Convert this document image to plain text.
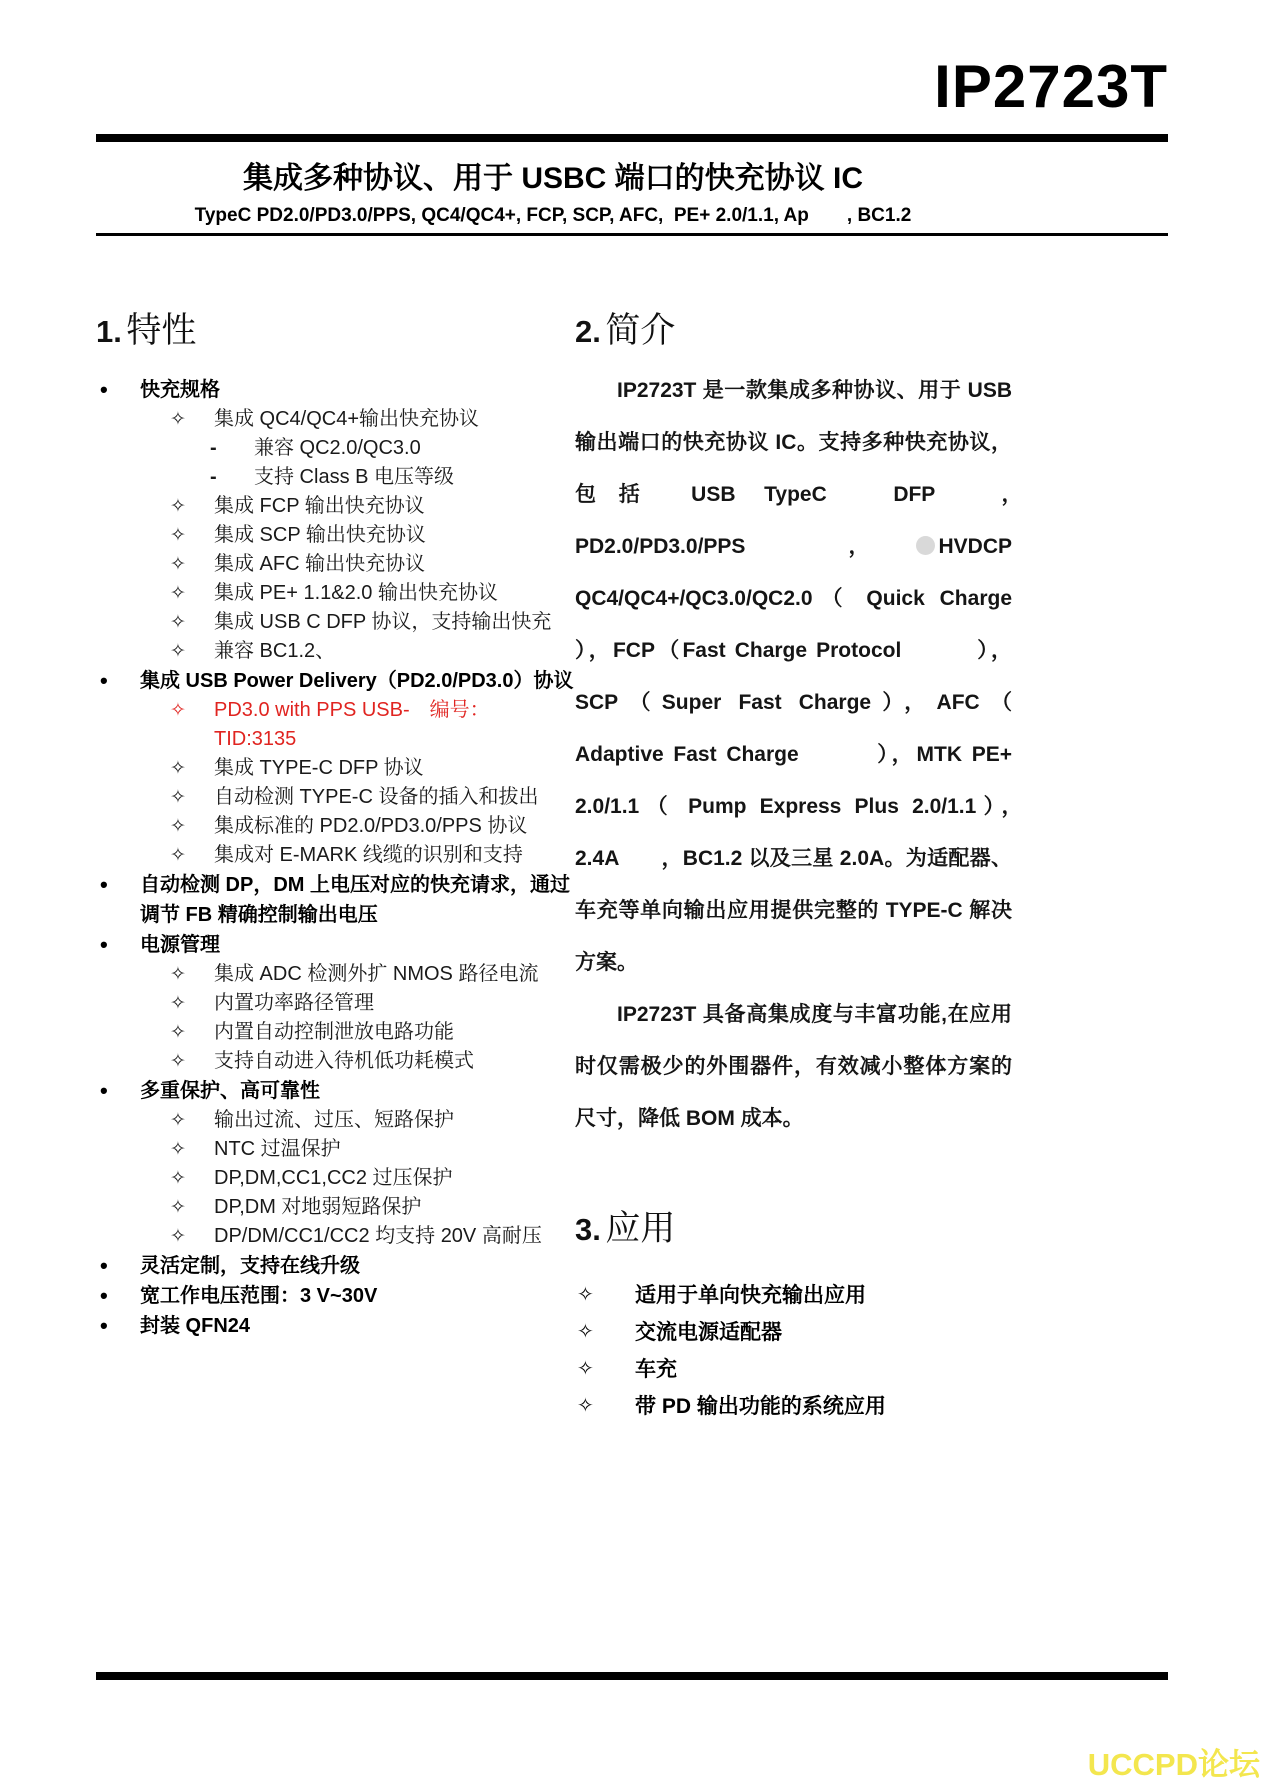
IP2723T
集成多种协议、用于 USBC 端口的快充协议 IC
TypeC PD2.0/PD3.0/PPS, QC4/QC4+, FCP, SCP, AFC,  PE+ 2.0/1.1, Ap　　, BC1.2
1. 特性
• 快充规格
✧ 集成 QC4/QC4+输出快充协议
- 兼容 QC2.0/QC3.0
- 支持 Class B 电压等级
✧ 集成 FCP 输出快充协议
✧ 集成 SCP 输出快充协议
✧ 集成 AFC 输出快充协议
✧ 集成 PE+ 1.1&2.0 输出快充协议
✧ 集成 USB C DFP 协议，支持输出快充
✧ 兼容 BC1.2、
• 集成 USB Power Delivery（PD2.0/PD3.0）协议
✧ PD3.0 with PPS USB-　编号：
TID:3135
✧ 集成 TYPE-C DFP 协议
✧ 自动检测 TYPE-C 设备的插入和拔出
✧ 集成标准的 PD2.0/PD3.0/PPS 协议
✧ 集成对 E-MARK 线缆的识别和支持
• 自动检测 DP，DM 上电压对应的快充请求，通过调节 FB 精确控制输出电压
• 电源管理
✧ 集成 ADC 检测外扩 NMOS 路径电流
✧ 内置功率路径管理
✧ 内置自动控制泄放电路功能
✧ 支持自动进入待机低功耗模式
• 多重保护、高可靠性
✧ 输出过流、过压、短路保护
✧ NTC 过温保护
✧ DP,DM,CC1,CC2 过压保护
✧ DP,DM 对地弱短路保护
✧ DP/DM/CC1/CC2 均支持 20V 高耐压
• 灵活定制，支持在线升级
• 宽工作电压范围：3 V~30V
• 封装 QFN24
2. 简介

IP2723T 是一款集成多种协议、用于 USB 输出端口的快充协议 IC。支持多种快充协议，包括 USB TypeC　DFP　，　PD2.0/PD3.0/PPS　， HVDCP QC4/QC4+/QC3.0/QC2.0（ Quick Charge ），FCP（Fast Charge Protocol　　　），SCP（Super Fast Charge），AFC（ Adaptive Fast Charge　　　），MTK PE+ 2.0/1.1（ Pump Express Plus 2.0/1.1），　2.4A　　，BC1.2 以及三星 2.0A。为适配器、车充等单向输出应用提供完整的 TYPE-C 解决方案。

IP2723T 具备高集成度与丰富功能,在应用时仅需极少的外围器件，有效减小整体方案的尺寸，降低 BOM 成本。

3. 应用
✧ 适用于单向快充输出应用
✧ 交流电源适配器
✧ 车充
✧ 带 PD 输出功能的系统应用
UCCPD论坛
